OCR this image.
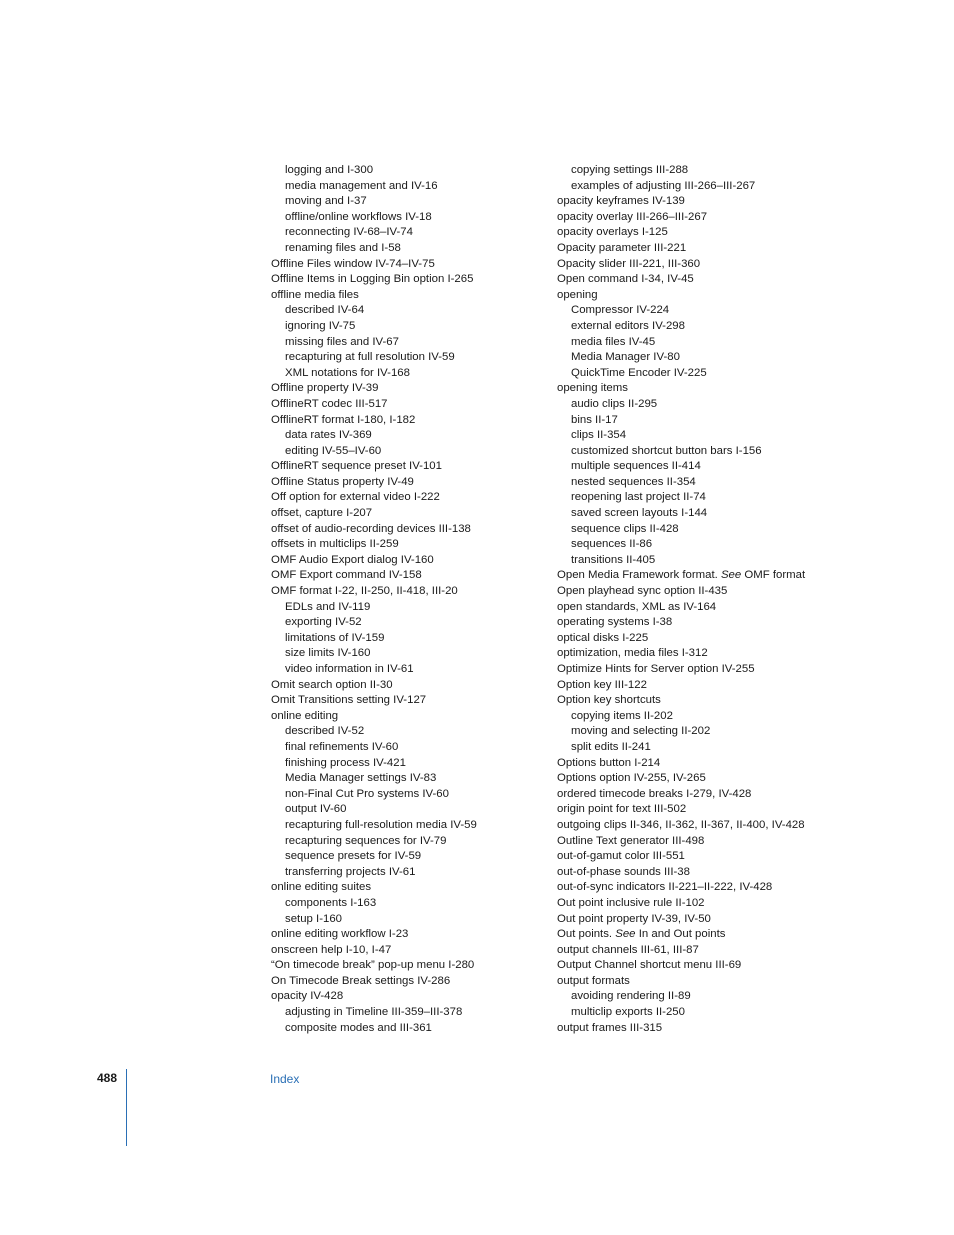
logging and I-300
media management and IV-16
moving and I-37
offline/online workflows IV-18
reconnecting IV-68–IV-74
renaming files and I-58
Offline Files window IV-74–IV-75
Offline Items in Logging Bin option I-265
offline media files
described IV-64
ignoring IV-75
missing files and IV-67
recapturing at full resolution IV-59
XML notations for IV-168
Offline property IV-39
OfflineRT codec III-517
OfflineRT format I-180, I-182
data rates IV-369
editing IV-55–IV-60
OfflineRT sequence preset IV-101
Offline Status property IV-49
Off option for external video I-222
offset, capture I-207
offset of audio-recording devices III-138
offsets in multiclips II-259
OMF Audio Export dialog IV-160
OMF Export command IV-158
OMF format I-22, II-250, II-418, III-20
EDLs and IV-119
exporting IV-52
limitations of IV-159
size limits IV-160
video information in IV-61
Omit search option II-30
Omit Transitions setting IV-127
online editing
described IV-52
final refinements IV-60
finishing process IV-421
Media Manager settings IV-83
non-Final Cut Pro systems IV-60
output IV-60
recapturing full-resolution media IV-59
recapturing sequences for IV-79
sequence presets for IV-59
transferring projects IV-61
online editing suites
components I-163
setup I-160
online editing workflow I-23
onscreen help I-10, I-47
“On timecode break” pop-up menu I-280
On Timecode Break settings IV-286
opacity IV-428
adjusting in Timeline III-359–III-378
composite modes and III-361
copying settings III-288
examples of adjusting III-266–III-267
opacity keyframes IV-139
opacity overlay III-266–III-267
opacity overlays I-125
Opacity parameter III-221
Opacity slider III-221, III-360
Open command I-34, IV-45
opening
Compressor IV-224
external editors IV-298
media files IV-45
Media Manager IV-80
QuickTime Encoder IV-225
opening items
audio clips II-295
bins II-17
clips II-354
customized shortcut button bars I-156
multiple sequences II-414
nested sequences II-354
reopening last project II-74
saved screen layouts I-144
sequence clips II-428
sequences II-86
transitions II-405
Open Media Framework format. See OMF format
Open playhead sync option II-435
open standards, XML as IV-164
operating systems I-38
optical disks I-225
optimization, media files I-312
Optimize Hints for Server option IV-255
Option key III-122
Option key shortcuts
copying items II-202
moving and selecting II-202
split edits II-241
Options button I-214
Options option IV-255, IV-265
ordered timecode breaks I-279, IV-428
origin point for text III-502
outgoing clips II-346, II-362, II-367, II-400, IV-428
Outline Text generator III-498
out-of-gamut color III-551
out-of-phase sounds III-38
out-of-sync indicators II-221–II-222, IV-428
Out point inclusive rule II-102
Out point property IV-39, IV-50
Out points. See In and Out points
output channels III-61, III-87
Output Channel shortcut menu III-69
output formats
avoiding rendering II-89
multiclip exports II-250
output frames III-315
488	Index
